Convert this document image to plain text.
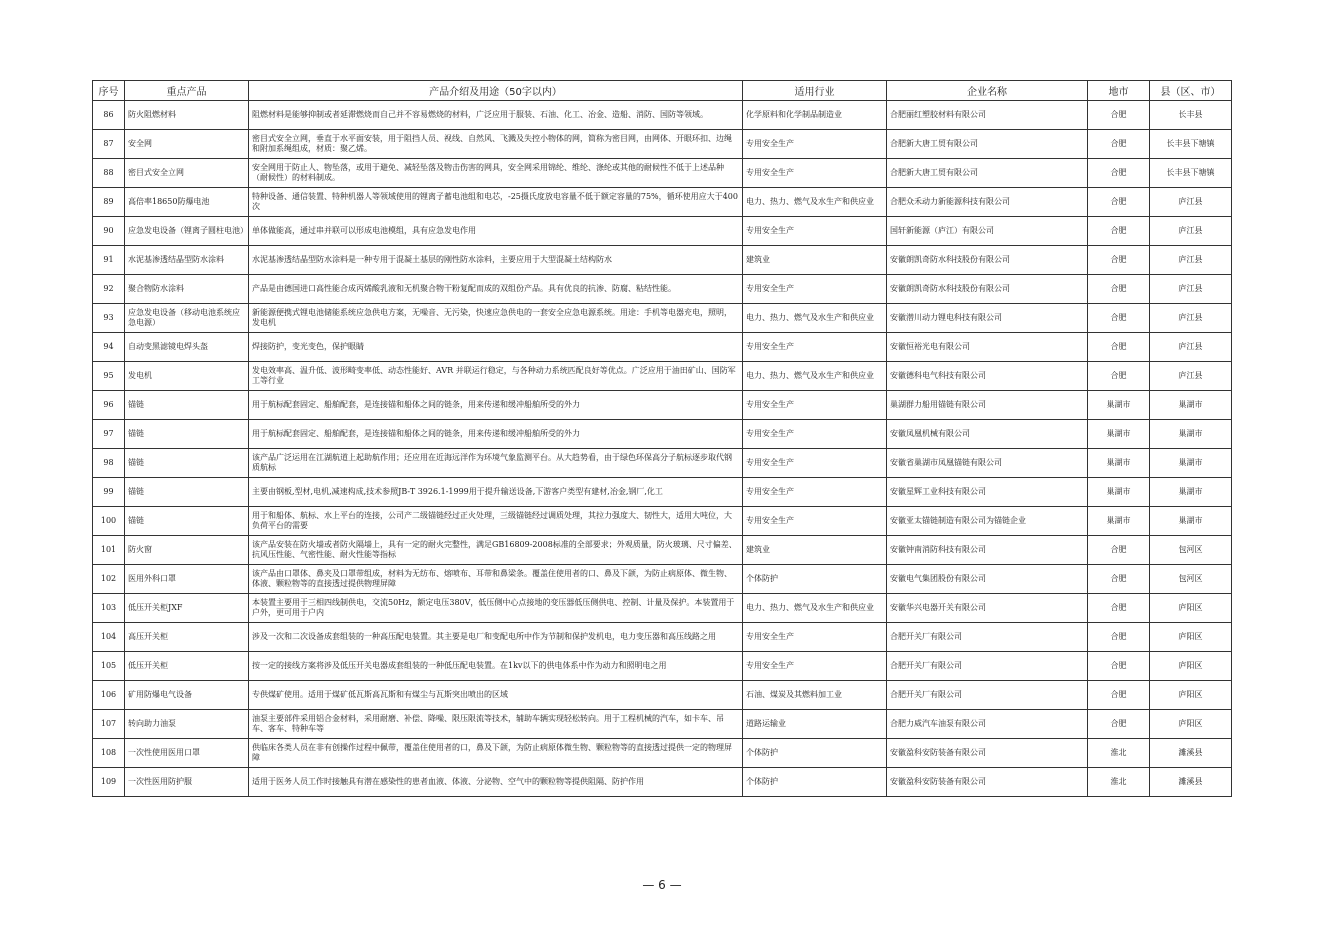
序号	重点产品	产品介绍及用途（50字以内）	适用行业	企业名称	地市	县（区、市）
86	防火阻燃材料	阻燃材料是能够抑制或者延滞燃烧而自己并不容易燃烧的材料，广泛应用于服装、石油、化工、冶金、造船、消防、国防等领域。	化学原料和化学制品制造业	合肥丽红塑胶材料有限公司	合肥	长丰县
87	安全网	密目式安全立网，垂直于水平面安装，用于阻挡人员、视线、自然风、飞溅及失控小物体的网，简称为密目网，由网体、开眼环扣、边绳和附加系绳组成，材质：聚乙烯。	专用安全生产	合肥新大唐工贸有限公司	合肥	长丰县下塘镇
88	密目式安全立网	安全网用于防止人、物坠落，或用于避免、减轻坠落及物击伤害的网具，安全网采用锦纶、维纶、涤纶或其他的耐候性不低于上述品种（耐候性）的材料制成。	专用安全生产	合肥新大唐工贸有限公司	合肥	长丰县下塘镇
89	高倍率18650防爆电池	特种设备、通信装置、特种机器人等领域使用的锂离子蓄电池组和电芯，-25摄氏度放电容量不低于额定容量的75%，循环使用应大于400次	电力、热力、燃气及水生产和供应业	合肥众禾动力新能源科技有限公司	合肥	庐江县
90	应急发电设备（锂离子圆柱电池）	单体做能高，通过串并联可以形成电池模组，具有应急发电作用	专用安全生产	国轩新能源（庐江）有限公司	合肥	庐江县
91	水泥基渗透结晶型防水涂料	水泥基渗透结晶型防水涂料是一种专用于混凝土基层的刚性防水涂料，主要应用于大型混凝土结构防水	建筑业	安徽朗凯奇防水科技股份有限公司	合肥	庐江县
92	聚合物防水涂料	产品是由德国进口高性能合成丙烯酸乳液和无机聚合物干粉复配而成的双组份产品。具有优良的抗渗、防腐、粘结性能。	专用安全生产	安徽朗凯奇防水科技股份有限公司	合肥	庐江县
93	应急发电设备（移动电池系统应急电源）	新能源便携式锂电池储能系统应急供电方案，无噪音、无污染，快速应急供电的一套安全应急电源系统。用途：手机等电器充电，照明，发电机	电力、热力、燃气及水生产和供应业	安徽潜川动力锂电科技有限公司	合肥	庐江县
94	自动变黑滤镜电焊头盔	焊接防护，变光变色，保护眼睛	专用安全生产	安徽恒裕光电有限公司	合肥	庐江县
95	发电机	发电效率高、温升低、波形畸变率低、动态性能好、AVR 并联运行稳定，与各种动力系统匹配良好等优点。广泛应用于油田矿山、国防军工等行业	电力、热力、燃气及水生产和供应业	安徽德科电气科技有限公司	合肥	庐江县
96	锚链	用于航标配套固定、船舶配套，是连接锚和船体之间的链条，用来传递和缓冲船舶所受的外力	专用安全生产	巢湖群力船用锚链有限公司	巢湖市	巢湖市
97	锚链	用于航标配套固定、船舶配套，是连接锚和船体之间的链条，用来传递和缓冲船舶所受的外力	专用安全生产	安徽凤凰机械有限公司	巢湖市	巢湖市
98	锚链	该产品广泛运用在江湖航道上起助航作用；还应用在近海远洋作为环境气象监测平台。从大趋势看，由于绿色环保高分子航标逐步取代钢质航标	专用安全生产	安徽省巢湖市凤凰锚链有限公司	巢湖市	巢湖市
99	锚链	主要由钢板,型材,电机,减速构成,技术参照JB-T 3926.1-1999用于提升输送设备,下游客户类型有建材,冶金,钢厂,化工	专用安全生产	安徽星辉工业科技有限公司	巢湖市	巢湖市
100	锚链	用于和船体、航标、水上平台的连接，公司产二级锚链经过正火处理，三级锚链经过调质处理，其拉力强度大、韧性大，适用大吨位，大负荷平台的需要	专用安全生产	安徽亚太锚链制造有限公司为锚链企业	巢湖市	巢湖市
101	防火窗	该产品安装在防火墙或者防火隔墙上，具有一定的耐火完整性，满足GB16809-2008标准的全部要求；外观质量，防火玻璃、尺寸偏差、抗风压性能、气密性能、耐火性能等指标	建筑业	安徽钟南消防科技有限公司	合肥	包河区
102	医用外科口罩	该产品由口罩体、鼻夹及口罩带组成，材料为无纺布、熔喷布、耳带和鼻梁条。覆盖住使用者的口、鼻及下颌，为防止病原体、微生物、体液、颗粒物等的直接透过提供物理屏障	个体防护	安徽电气集团股份有限公司	合肥	包河区
103	低压开关柜JXF	本装置主要用于三相四线制供电，交流50Hz，额定电压380V，低压侧中心点接地的变压器低压侧供电、控制、计量及保护。本装置用于户外，更可用于户内	电力、热力、燃气及水生产和供应业	安徽华兴电器开关有限公司	合肥	庐阳区
104	高压开关柜	涉及一次和二次设备成套组装的一种高压配电装置。其主要是电厂和变配电所中作为节制和保护发机电，电力变压器和高压线路之用	专用安全生产	合肥开关厂有限公司	合肥	庐阳区
105	低压开关柜	按一定的接线方案将涉及低压开关电器成套组装的一种低压配电装置。在1kv以下的供电体系中作为动力和照明电之用	专用安全生产	合肥开关厂有限公司	合肥	庐阳区
106	矿用防爆电气设备	专供煤矿使用。适用于煤矿低瓦斯高瓦斯和有煤尘与瓦斯突出喷出的区域	石油、煤炭及其燃料加工业	合肥开关厂有限公司	合肥	庐阳区
107	转向助力油泵	油泵主要部件采用铝合金材料，采用耐磨、补偿、降噪、限压限流等技术，辅助车辆实现轻松转向。用于工程机械的汽车，如卡车、吊车、客车、特种车等	道路运输业	合肥力威汽车油泵有限公司	合肥	庐阳区
108	一次性使用医用口罩	供临床各类人员在非有创操作过程中佩带，覆盖住使用者的口，鼻及下颌，为防止病原体微生物、颗粒物等的直接透过提供一定的物理屏障	个体防护	安徽盈科安防装备有限公司	淮北	濉溪县
109	一次性医用防护服	适用于医务人员工作时接触具有潜在感染性的患者血液、体液、分泌物、空气中的颗粒物等提供阻隔、防护作用	个体防护	安徽盈科安防装备有限公司	淮北	濉溪县
— 6 —
